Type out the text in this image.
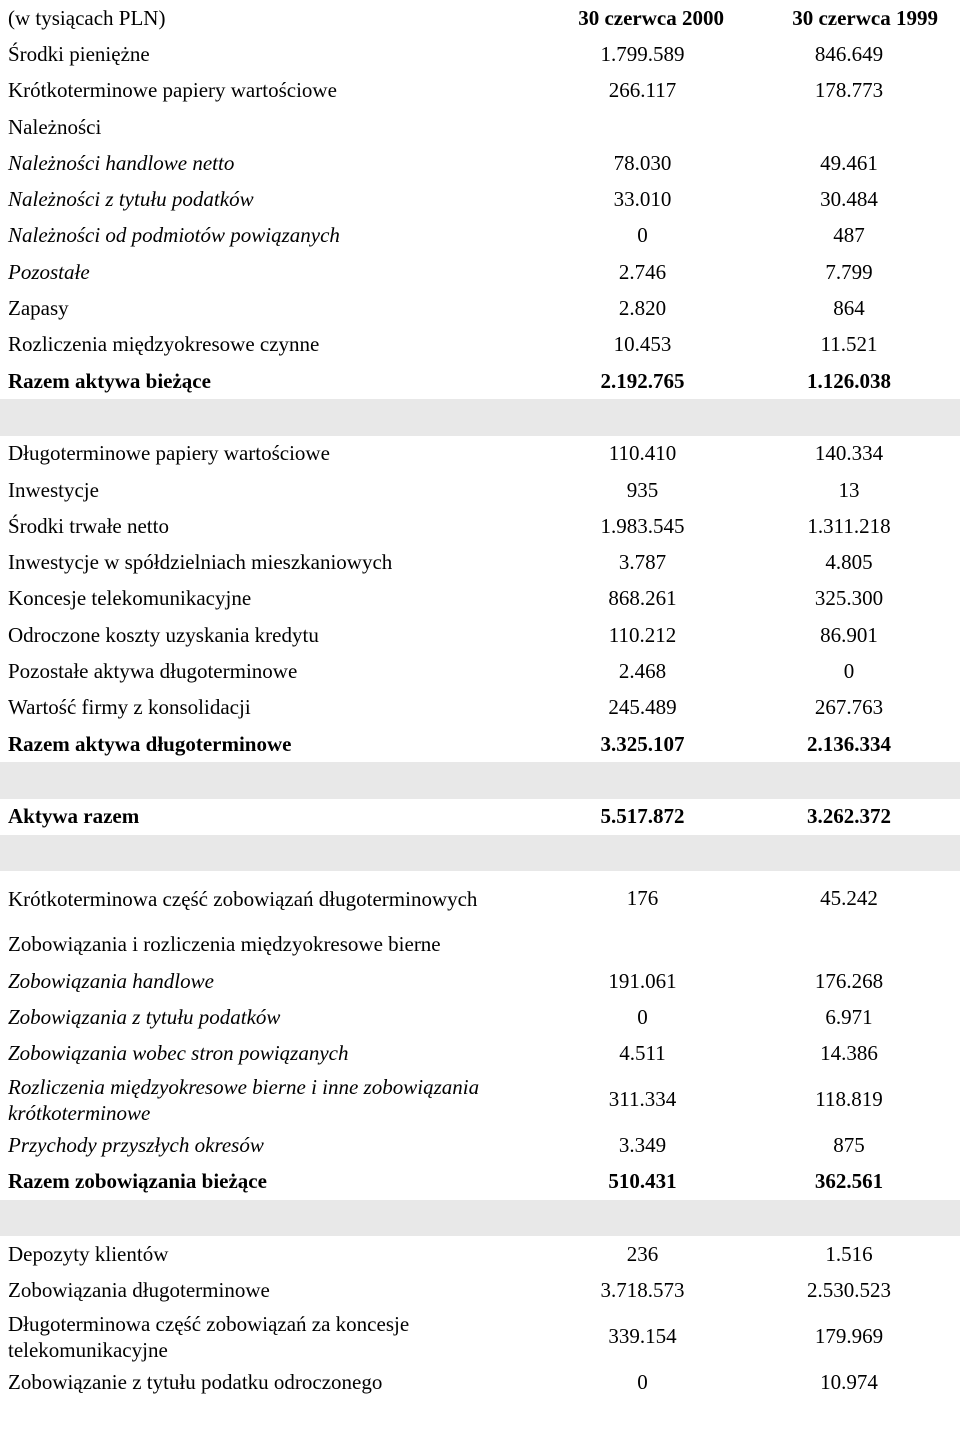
(w tysiącach PLN)	30 czerwca 2000	30 czerwca 1999
Środki pieniężne	1.799.589	846.649
Krótkoterminowe papiery wartościowe	266.117	178.773
Należności
Należności handlowe netto	78.030	49.461
Należności z tytułu podatków	33.010	30.484
Należności od podmiotów powiązanych	0	487
Pozostałe	2.746	7.799
Zapasy	2.820	864
Rozliczenia międzyokresowe czynne	10.453	11.521
Razem aktywa bieżące	2.192.765	1.126.038
Długoterminowe papiery wartościowe	110.410	140.334
Inwestycje	935	13
Środki trwałe netto	1.983.545	1.311.218
Inwestycje w spółdzielniach mieszkaniowych	3.787	4.805
Koncesje telekomunikacyjne	868.261	325.300
Odroczone koszty uzyskania kredytu	110.212	86.901
Pozostałe aktywa długoterminowe	2.468	0
Wartość firmy z konsolidacji	245.489	267.763
Razem aktywa długoterminowe	3.325.107	2.136.334
Aktywa razem	5.517.872	3.262.372
Krótkoterminowa część zobowiązań długoterminowych	176	45.242
Zobowiązania i rozliczenia międzyokresowe bierne
Zobowiązania handlowe	191.061	176.268
Zobowiązania z tytułu podatków	0	6.971
Zobowiązania wobec stron powiązanych	4.511	14.386
Rozliczenia międzyokresowe bierne i inne zobowiązania krótkoterminowe
311.334	118.819
Przychody przyszłych okresów	3.349	875
Razem zobowiązania bieżące	510.431	362.561
Depozyty klientów	236	1.516
Zobowiązania długoterminowe	3.718.573	2.530.523
Długoterminowa część zobowiązań za koncesje telekomunikacyjne
339.154	179.969
Zobowiązanie z tytułu podatku odroczonego	0	10.974
